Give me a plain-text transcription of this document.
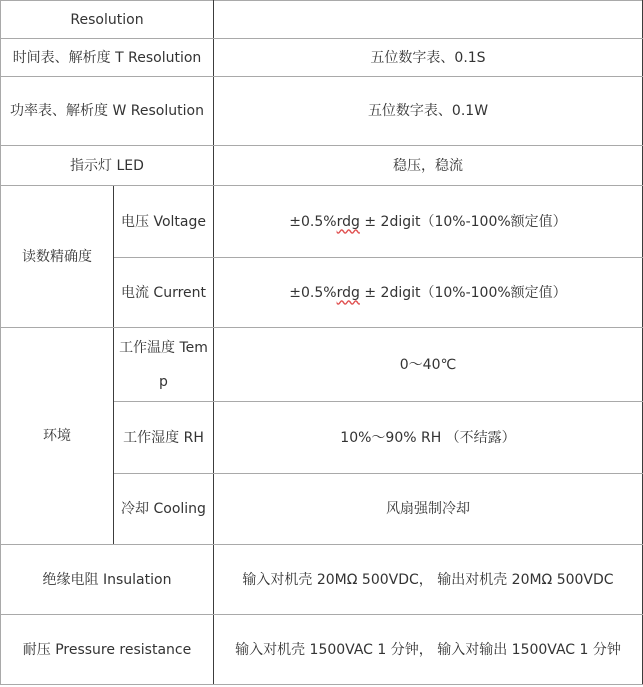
Resolution		
时间表、解析度 T Resolution		五位数字表、0.1S
功率表、解析度 W Resolution		五位数字表、0.1W
指示灯 LED		稳压，稳流
读数精确度	电压 Voltage	±0.5%rdg ± 2digit（10%-100%额定值）
	电流 Current	±0.5%rdg ± 2digit（10%-100%额定值）
环境	工作温度 Temp	0～40℃
	工作湿度 RH	10%～90% RH （不结露）
	冷却 Cooling	风扇强制冷却
绝缘电阻 Insulation		输入对机壳 20MΩ 500VDC， 输出对机壳 20MΩ 500VDC
耐压 Pressure resistance		输入对机壳 1500VAC 1 分钟， 输入对输出 1500VAC 1 分钟
